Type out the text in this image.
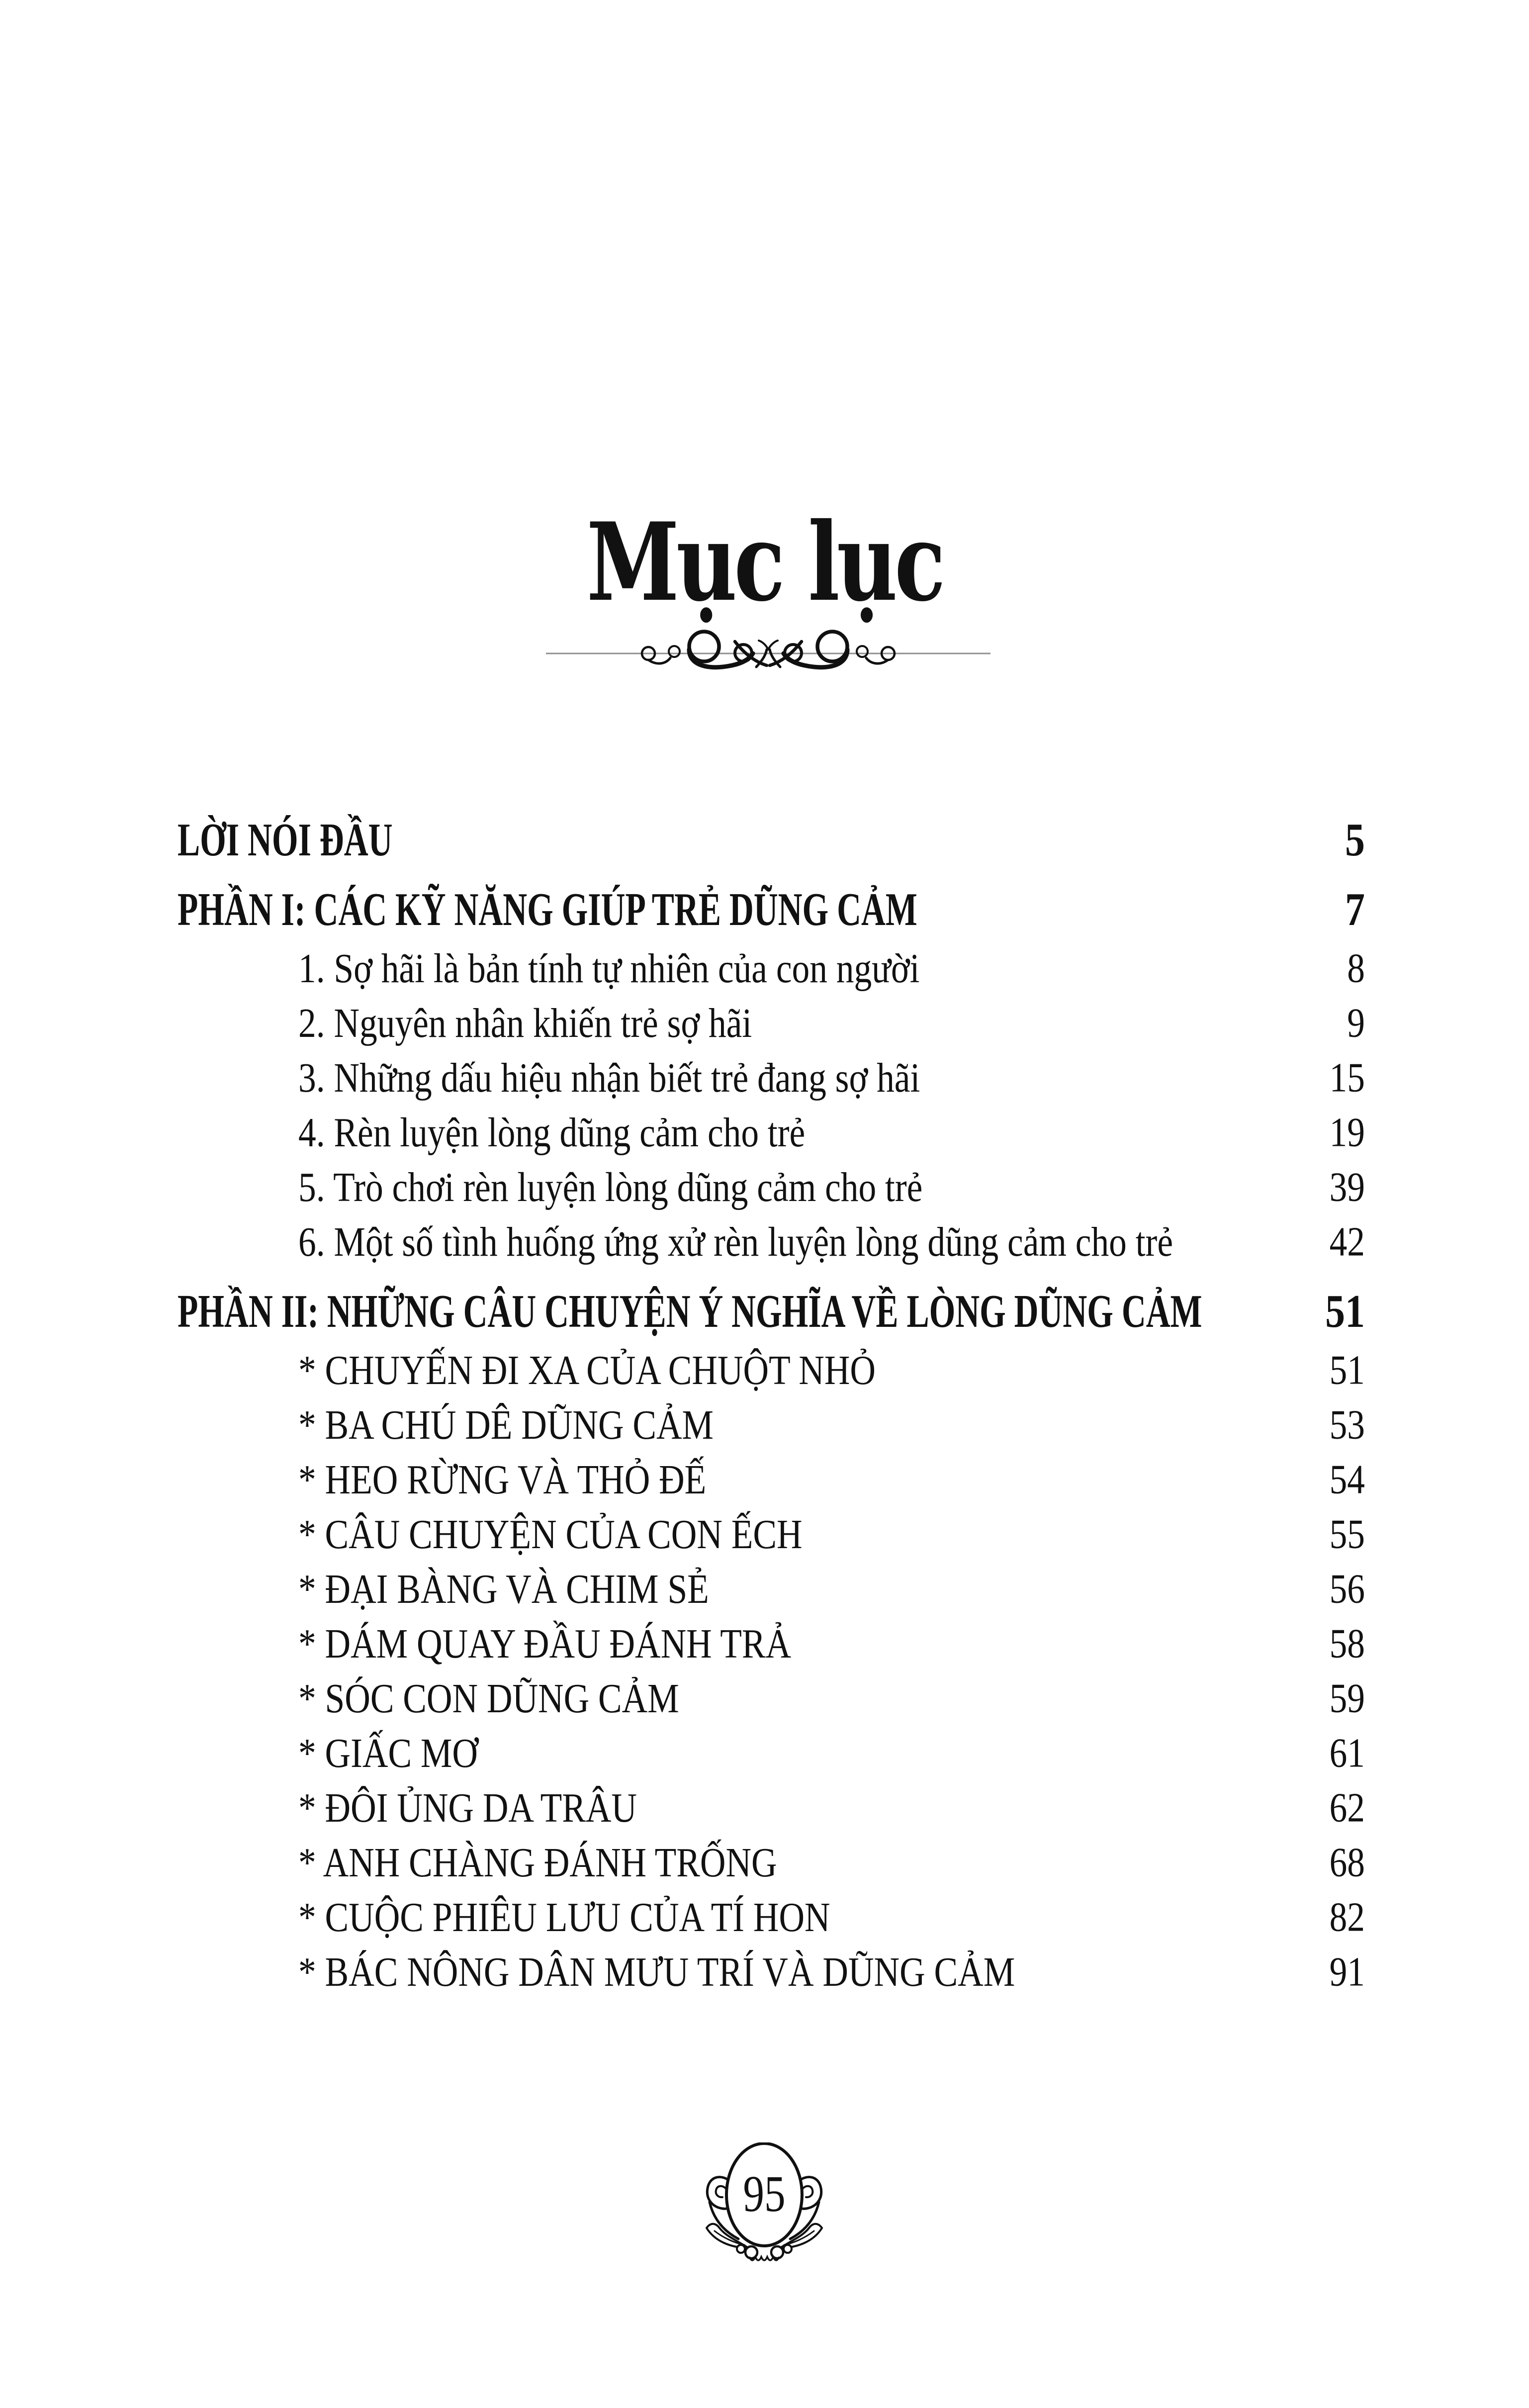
Mục lục
LỜI NÓI ĐẦU	5
PHẦN I: CÁC KỸ NĂNG GIÚP TRẺ DŨNG CẢM	7
1. Sợ hãi là bản tính tự nhiên của con người	8
2. Nguyên nhân khiến trẻ sợ hãi	9
3. Những dấu hiệu nhận biết trẻ đang sợ hãi	15
4. Rèn luyện lòng dũng cảm cho trẻ	19
5. Trò chơi rèn luyện lòng dũng cảm cho trẻ	39
6. Một số tình huống ứng xử rèn luyện lòng dũng cảm cho trẻ	42
PHẦN II: NHỮNG CÂU CHUYỆN Ý NGHĨA VỀ LÒNG DŨNG CẢM	51
* CHUYẾN ĐI XA CỦA CHUỘT NHỎ	51
* BA CHÚ DÊ DŨNG CẢM	53
* HEO RỪNG VÀ THỎ ĐẾ	54
* CÂU CHUYỆN CỦA CON ẾCH	55
* ĐẠI BÀNG VÀ CHIM SẺ	56
* DÁM QUAY ĐẦU ĐÁNH TRẢ	58
* SÓC CON DŨNG CẢM	59
* GIẤC MƠ	61
* ĐÔI ỦNG DA TRÂU	62
* ANH CHÀNG ĐÁNH TRỐNG	68
* CUỘC PHIÊU LƯU CỦA TÍ HON	82
* BÁC NÔNG DÂN MƯU TRÍ VÀ DŨNG CẢM	91
95
